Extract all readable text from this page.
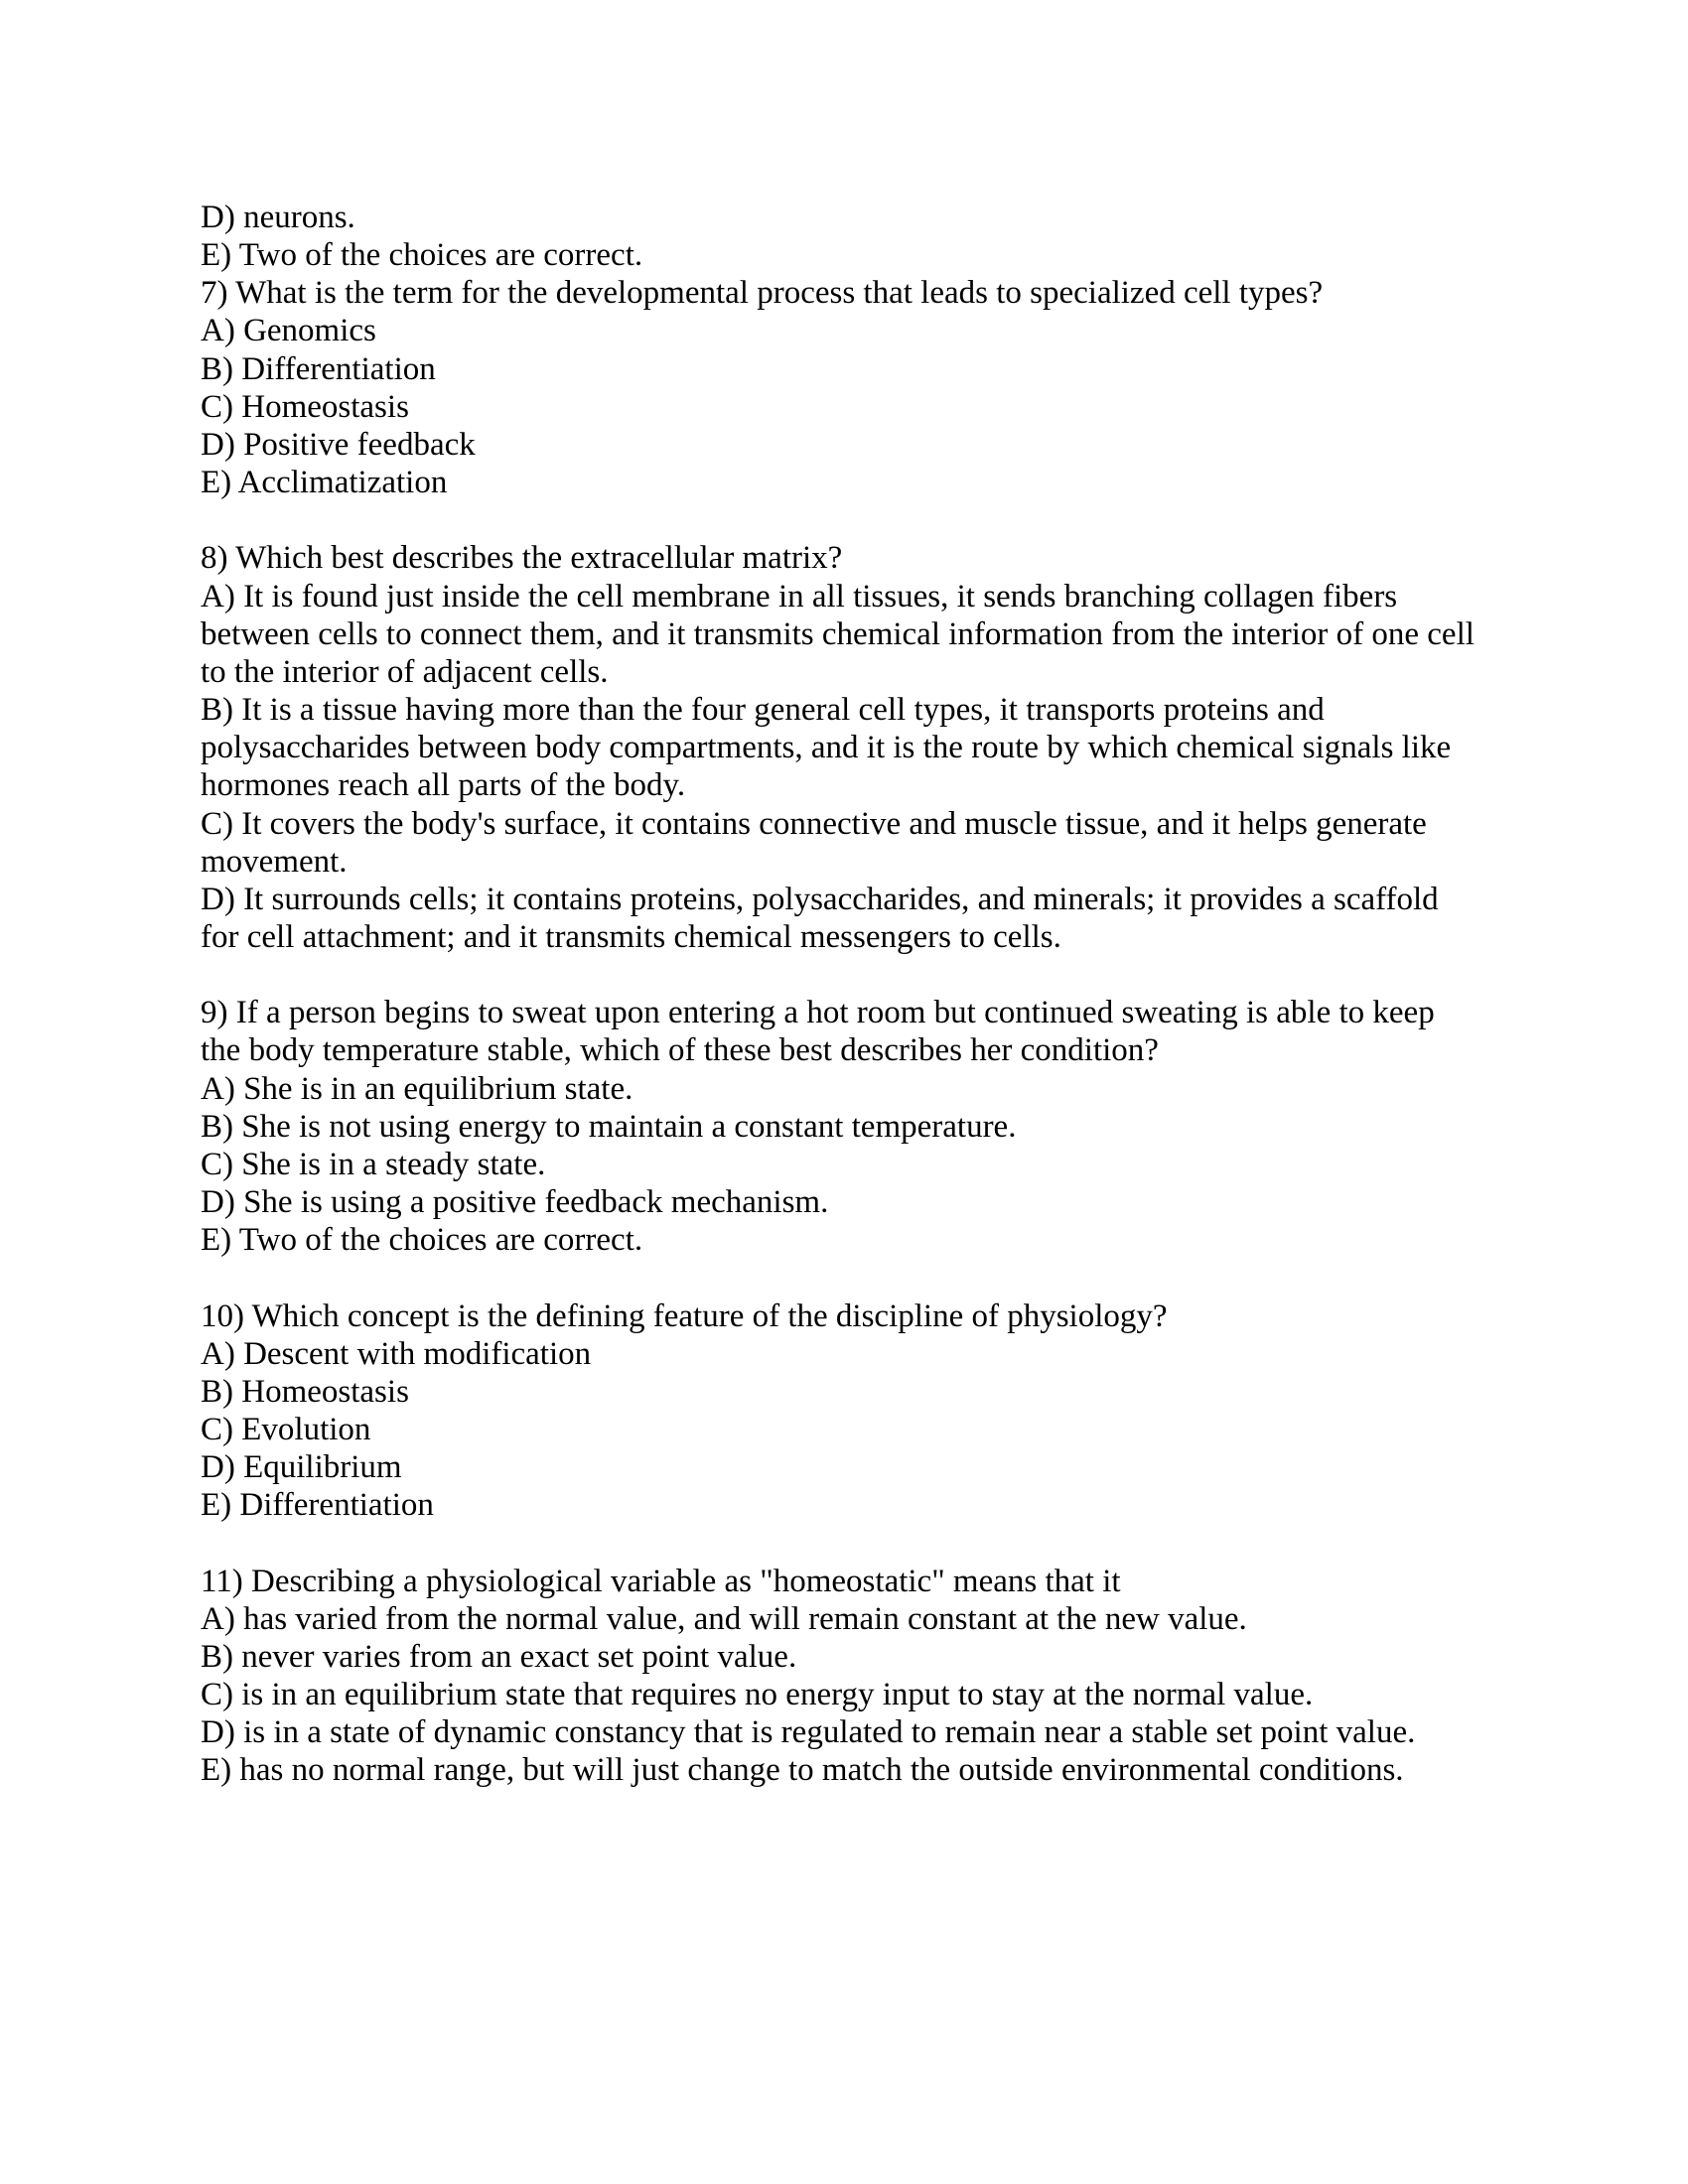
D) neurons.
E) Two of the choices are correct.
7) What is the term for the developmental process that leads to specialized cell types?
A) Genomics
B) Differentiation
C) Homeostasis
D) Positive feedback
E) Acclimatization
8) Which best describes the extracellular matrix?
A) It is found just inside the cell membrane in all tissues, it sends branching collagen fibers
between cells to connect them, and it transmits chemical information from the interior of one cell
to the interior of adjacent cells.
B) It is a tissue having more than the four general cell types, it transports proteins and
polysaccharides between body compartments, and it is the route by which chemical signals like
hormones reach all parts of the body.
C) It covers the body's surface, it contains connective and muscle tissue, and it helps generate
movement.
D) It surrounds cells; it contains proteins, polysaccharides, and minerals; it provides a scaffold
for cell attachment; and it transmits chemical messengers to cells.
9) If a person begins to sweat upon entering a hot room but continued sweating is able to keep
the body temperature stable, which of these best describes her condition?
A) She is in an equilibrium state.
B) She is not using energy to maintain a constant temperature.
C) She is in a steady state.
D) She is using a positive feedback mechanism.
E) Two of the choices are correct.
10) Which concept is the defining feature of the discipline of physiology?
A) Descent with modification
B) Homeostasis
C) Evolution
D) Equilibrium
E) Differentiation
11) Describing a physiological variable as "homeostatic" means that it
A) has varied from the normal value, and will remain constant at the new value.
B) never varies from an exact set point value.
C) is in an equilibrium state that requires no energy input to stay at the normal value.
D) is in a state of dynamic constancy that is regulated to remain near a stable set point value.
E) has no normal range, but will just change to match the outside environmental conditions.
